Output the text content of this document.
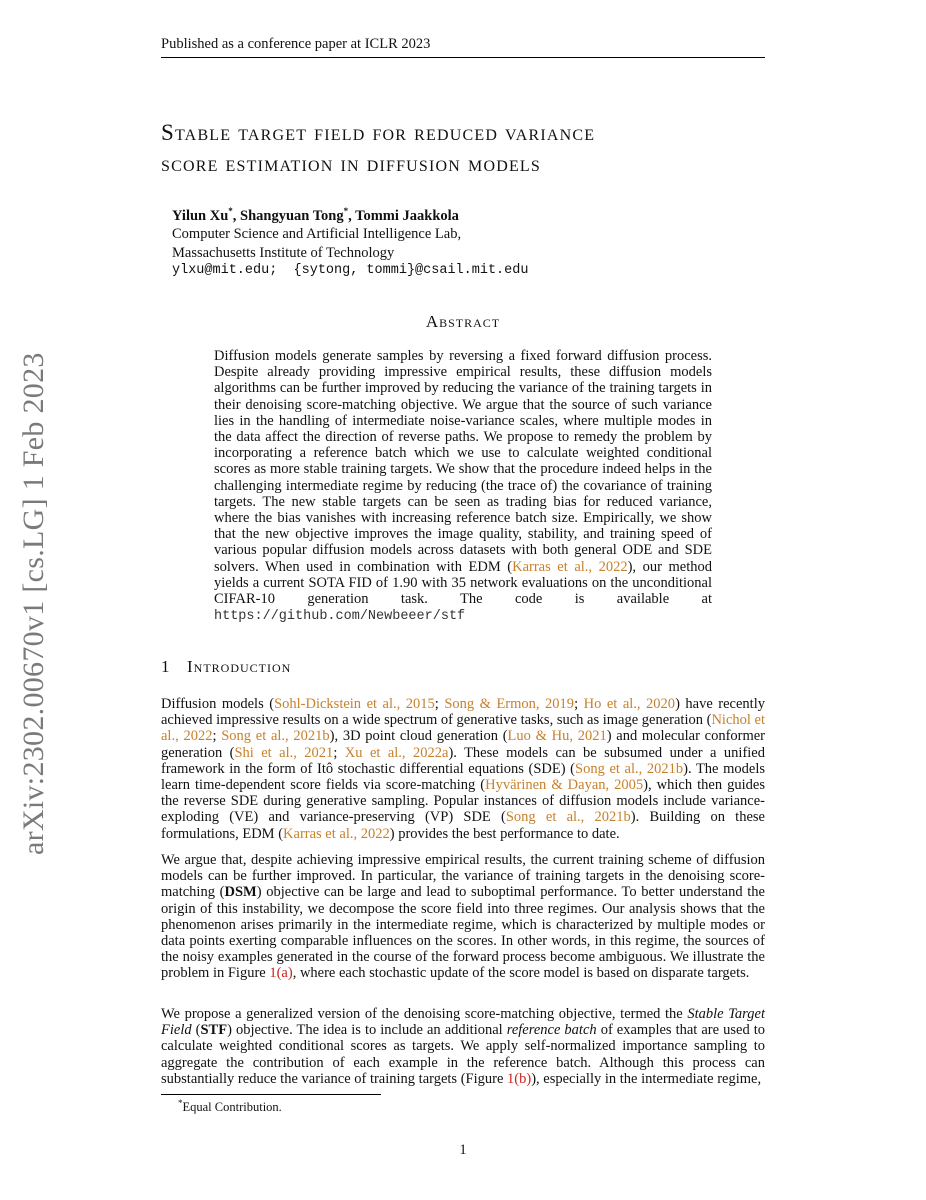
Published as a conference paper at ICLR 2023
arXiv:2302.00670v1 [cs.LG] 1 Feb 2023
Stable target field for reduced variance
score estimation in diffusion models
Yilun Xu*, Shangyuan Tong*, Tommi Jaakkola
Computer Science and Artificial Intelligence Lab,
Massachusetts Institute of Technology
ylxu@mit.edu;  {sytong, tommi}@csail.mit.edu
Abstract

Diffusion models generate samples by reversing a fixed forward diffusion process. Despite already providing impressive empirical results, these diffusion models algorithms can be further improved by reducing the variance of the training targets in their denoising score-matching objective. We argue that the source of such variance lies in the handling of intermediate noise-variance scales, where multiple modes in the data affect the direction of reverse paths. We propose to remedy the problem by incorporating a reference batch which we use to calculate weighted conditional scores as more stable training targets. We show that the procedure indeed helps in the challenging intermediate regime by reducing (the trace of) the covariance of training targets. The new stable targets can be seen as trading bias for reduced variance, where the bias vanishes with increasing reference batch size. Empirically, we show that the new objective improves the image quality, stability, and training speed of various popular diffusion models across datasets with both general ODE and SDE solvers. When used in combination with EDM (Karras et al., 2022), our method yields a current SOTA FID of 1.90 with 35 network evaluations on the unconditional CIFAR-10 generation task. The code is available at https://github.com/Newbeeer/stf

1 Introduction

Diffusion models (Sohl-Dickstein et al., 2015; Song & Ermon, 2019; Ho et al., 2020) have recently achieved impressive results on a wide spectrum of generative tasks, such as image generation (Nichol et al., 2022; Song et al., 2021b), 3D point cloud generation (Luo & Hu, 2021) and molecular conformer generation (Shi et al., 2021; Xu et al., 2022a). These models can be subsumed under a unified framework in the form of Itô stochastic differential equations (SDE) (Song et al., 2021b). The models learn time-dependent score fields via score-matching (Hyvärinen & Dayan, 2005), which then guides the reverse SDE during generative sampling. Popular instances of diffusion models include variance-exploding (VE) and variance-preserving (VP) SDE (Song et al., 2021b). Building on these formulations, EDM (Karras et al., 2022) provides the best performance to date.

We argue that, despite achieving impressive empirical results, the current training scheme of diffusion models can be further improved. In particular, the variance of training targets in the denoising score-matching (DSM) objective can be large and lead to suboptimal performance. To better understand the origin of this instability, we decompose the score field into three regimes. Our analysis shows that the phenomenon arises primarily in the intermediate regime, which is characterized by multiple modes or data points exerting comparable influences on the scores. In other words, in this regime, the sources of the noisy examples generated in the course of the forward process become ambiguous. We illustrate the problem in Figure 1(a), where each stochastic update of the score model is based on disparate targets.

We propose a generalized version of the denoising score-matching objective, termed the Stable Target Field (STF) objective. The idea is to include an additional reference batch of examples that are used to calculate weighted conditional scores as targets. We apply self-normalized importance sampling to aggregate the contribution of each example in the reference batch. Although this process can substantially reduce the variance of training targets (Figure 1(b)), especially in the intermediate regime,

*Equal Contribution.
1
